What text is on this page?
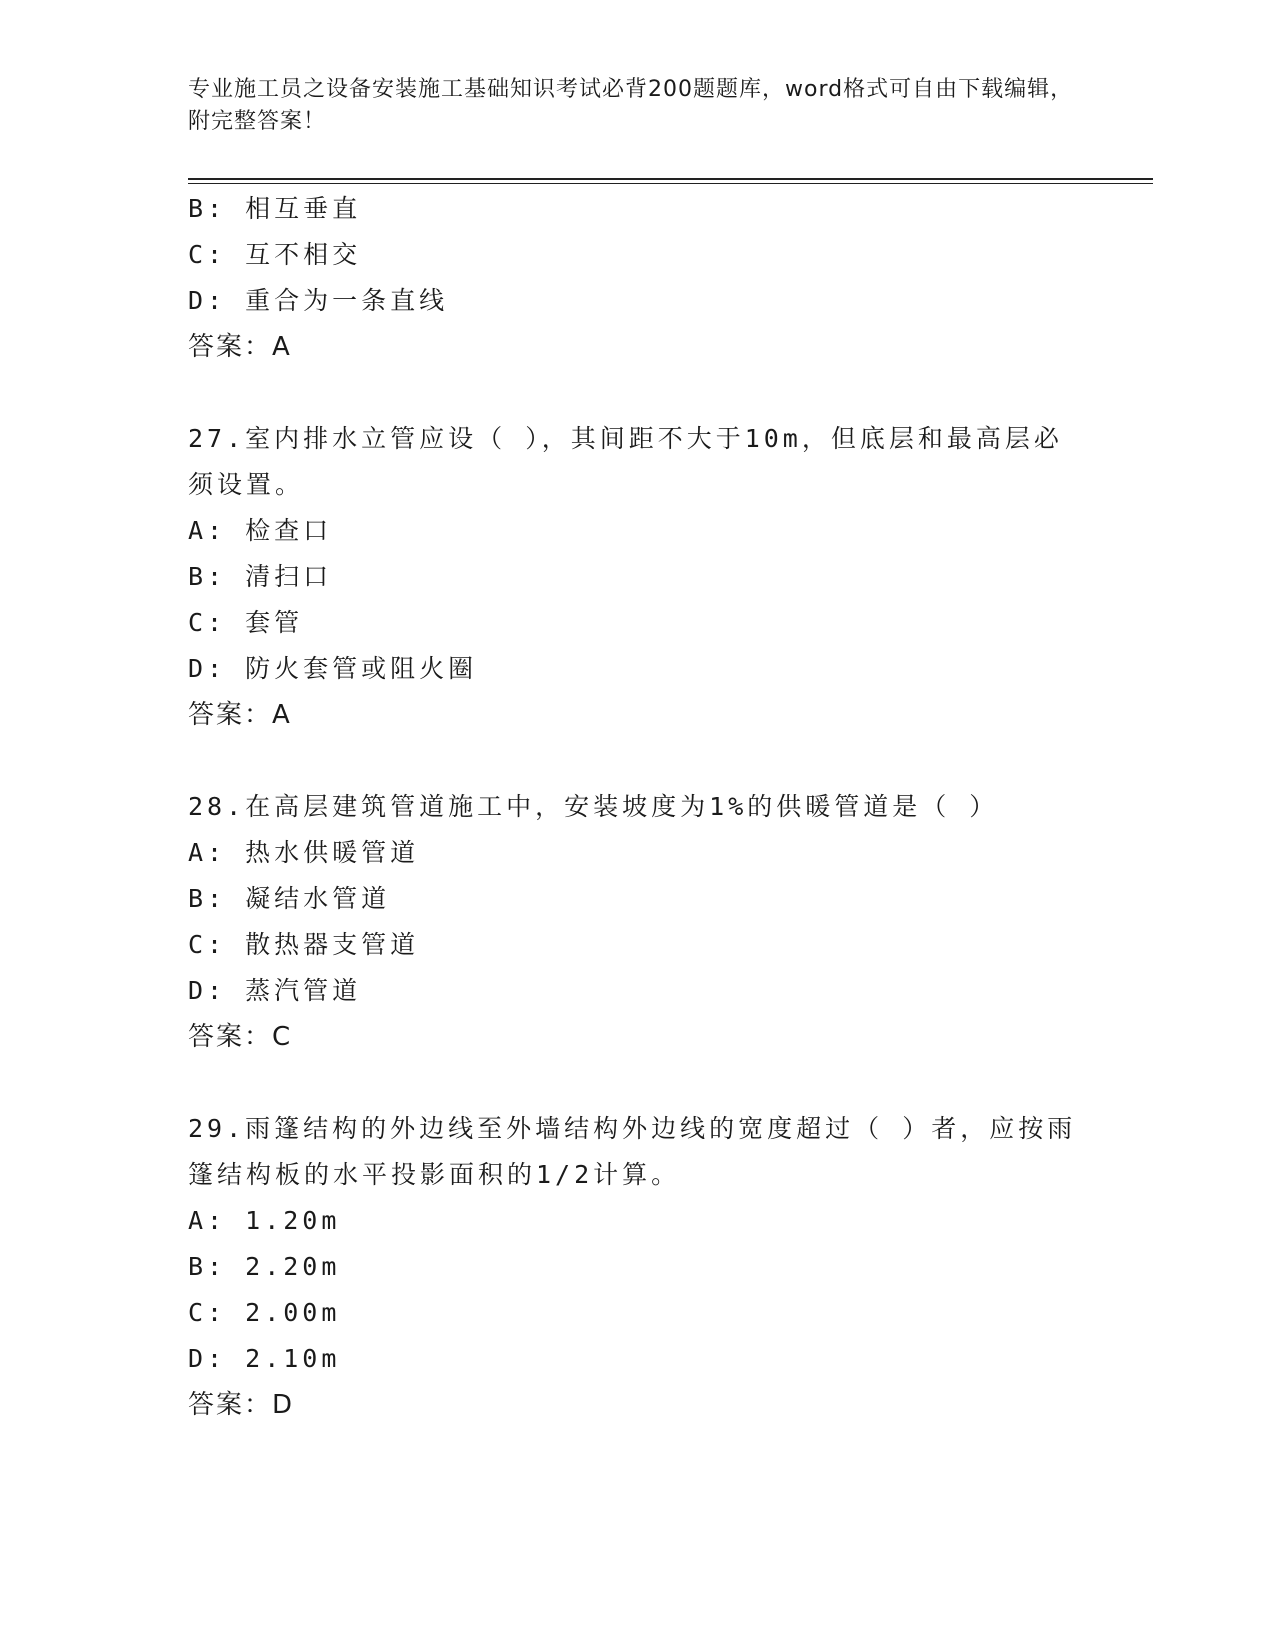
专业施工员之设备安装施工基础知识考试必背200题题库，word格式可自由下载编辑，附完整答案！
B: 相互垂直
C: 互不相交
D: 重合为一条直线
答案：A
27.室内排水立管应设（ ），其间距不大于10m，但底层和最高层必须设置。
A: 检查口
B: 清扫口
C: 套管
D: 防火套管或阻火圈
答案：A
28.在高层建筑管道施工中，安装坡度为1%的供暖管道是（ ）
A: 热水供暖管道
B: 凝结水管道
C: 散热器支管道
D: 蒸汽管道
答案：C
29.雨篷结构的外边线至外墙结构外边线的宽度超过（ ）者，应按雨篷结构板的水平投影面积的1/2计算。
A: 1.20m
B: 2.20m
C: 2.00m
D: 2.10m
答案：D
